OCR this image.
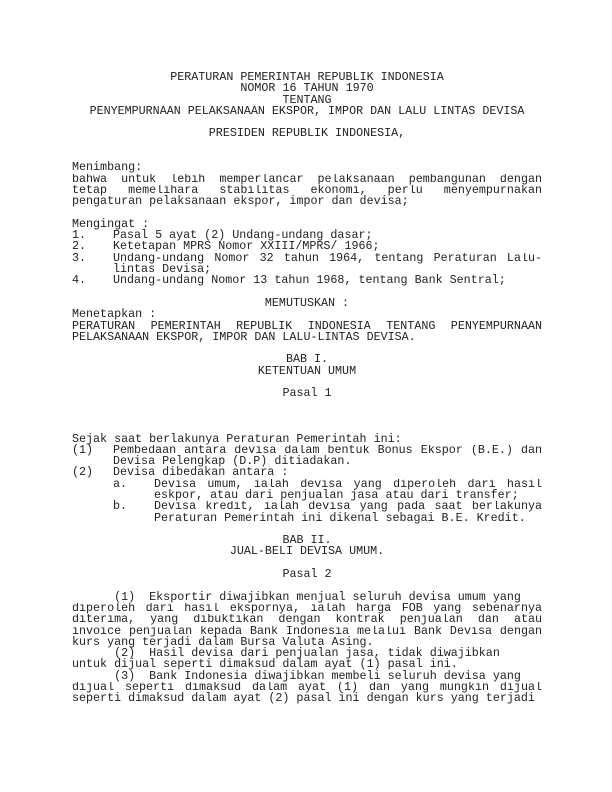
PERATURAN PEMERINTAH REPUBLIK INDONESIA
NOMOR 16 TAHUN 1970
TENTANG
PENYEMPURNAAN PELAKSANAAN EKSPOR, IMPOR DAN LALU LINTAS DEVISA
PRESIDEN REPUBLIK INDONESIA,
Menimbang:
bahwa untuk lebih memperlancar pelaksanaan pembangunan dengan
tetap memelihara stabilitas ekonomi, perlu menyempurnakan
pengaturan pelaksanaan ekspor, impor dan devisa;
Mengingat :
1.	Pasal 5 ayat (2) Undang-undang dasar;
2.	Ketetapan MPRS Nomor XXIII/MPRS/ 1966;
3.	Undang-undang Nomor 32 tahun 1964, tentang Peraturan Lalu-
lintas Devisa;
4.	Undang-undang Nomor 13 tahun 1968, tentang Bank Sentral;
MEMUTUSKAN :
Menetapkan :
PERATURAN PEMERINTAH REPUBLIK INDONESIA TENTANG PENYEMPURNAAN
PELAKSANAAN EKSPOR, IMPOR DAN LALU-LINTAS DEVISA.
BAB I.
KETENTUAN UMUM
Pasal 1
Sejak saat berlakunya Peraturan Pemerintah ini:
(1)	Pembedaan antara devisa dalam bentuk Bonus Ekspor (B.E.) dan
Devisa Pelengkap (D.P) ditiadakan.
(2)	Devisa dibedakan antara :
a.	Devisa umum, ialah devisa yang diperoleh dari hasil
eskpor, atau dari penjualan jasa atau dari transfer;
b.	Devisa kredit, ialah devisa yang pada saat berlakunya
Peraturan Pemerintah ini dikenal sebagai B.E. Kredit.
BAB II.
JUAL-BELI DEVISA UMUM.
Pasal 2
(1)  Eksportir diwajibkan menjual seluruh devisa umum yang
diperoleh dari hasil ekspornya, ialah harga FOB yang sebenarnya
diterima, yang dibuktikan dengan kontrak penjualan dan atau
invoice penjualan kepada Bank Indonesia melalui Bank Devisa dengan
kurs yang terjadi dalam Bursa Valuta Asing.
(2)  Hasil devisa dari penjualan jasa, tidak diwajibkan
untuk dijual seperti dimaksud dalam ayat (1) pasal ini.
(3)  Bank Indonesia diwajibkan membeli seluruh devisa yang
dijual seperti dimaksud dalam ayat (1) dan yang mungkin dijual
seperti dimaksud dalam ayat (2) pasal ini dengan kurs yang terjadi
